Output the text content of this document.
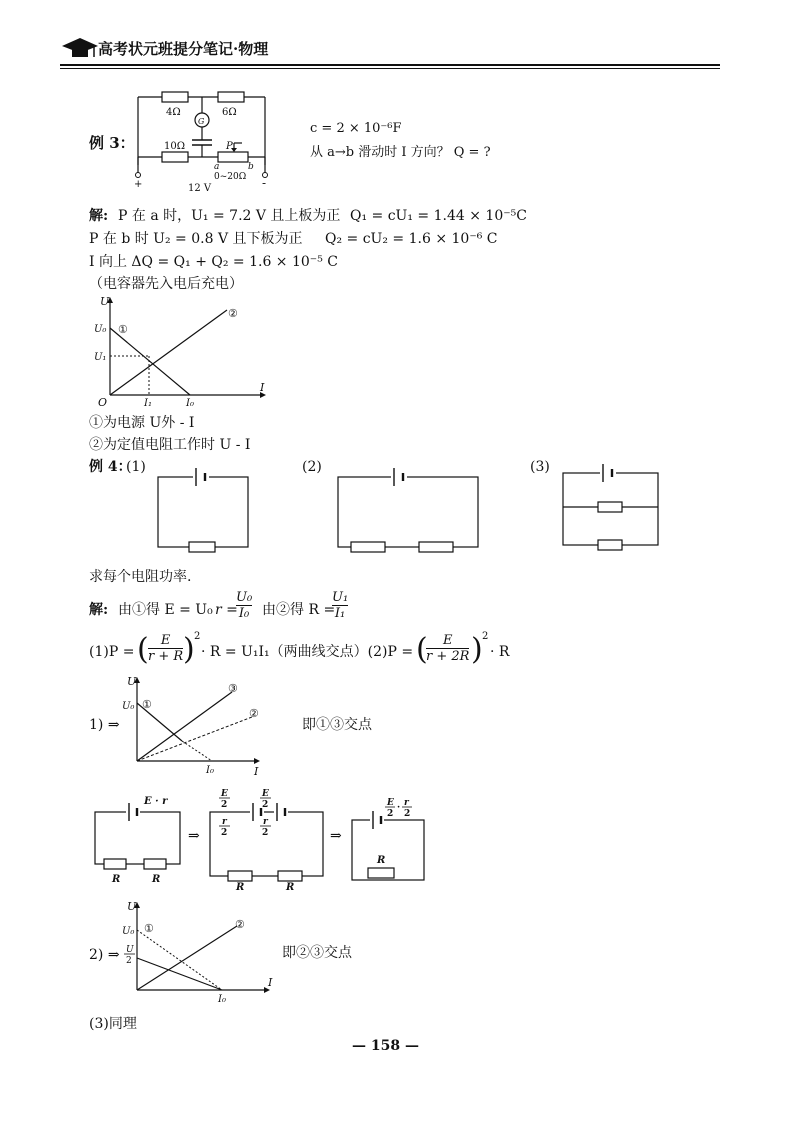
高考状元班提分笔记·物理
例 3：
4Ω	6Ω
G
10Ω	P
a	b
0~20Ω
+	-
12 V
c = 2 × 10⁻⁶F
从 a→b 滑动时 I 方向？ Q = ?
解: P 在 a 时，U₁ = 7.2 V 且上板为正 Q₁ = cU₁ = 1.44 × 10⁻⁵C
P 在 b 时 U₂ = 0.8 V 且下板为正 Q₂ = cU₂ = 1.6 × 10⁻⁶ C
I 向上 ΔQ = Q₁ + Q₂ = 1.6 × 10⁻⁵ C
（电容器先入电后充电）
U
I
O
U₀
U₁
I₁	I₀
①
②
①为电源 U外 - I
②为定值电阻工作时 U - I
例 4：
(1)	(2)	(3)
求每个电阻功率.
解: 由①得 E = U₀ r =
U₀
I₀ 由②得 R =
U₁
I₁
(1)P = ( E
r + R ) 2
· R = U₁I₁（两曲线交点）(2)P = ( E
r + 2R ) 2
· R
1) ⇒
U
I
U₀
I₀
①
③
②
即①③交点
E · r
R	R
⇒
E
2
E
2
r
2
r
2
R	R
⇒
E
2
· r
2
R
2) ⇒
U
I
U₀
U
2
I₀
①	②
即②③交点
(3)同理
— 158 —
